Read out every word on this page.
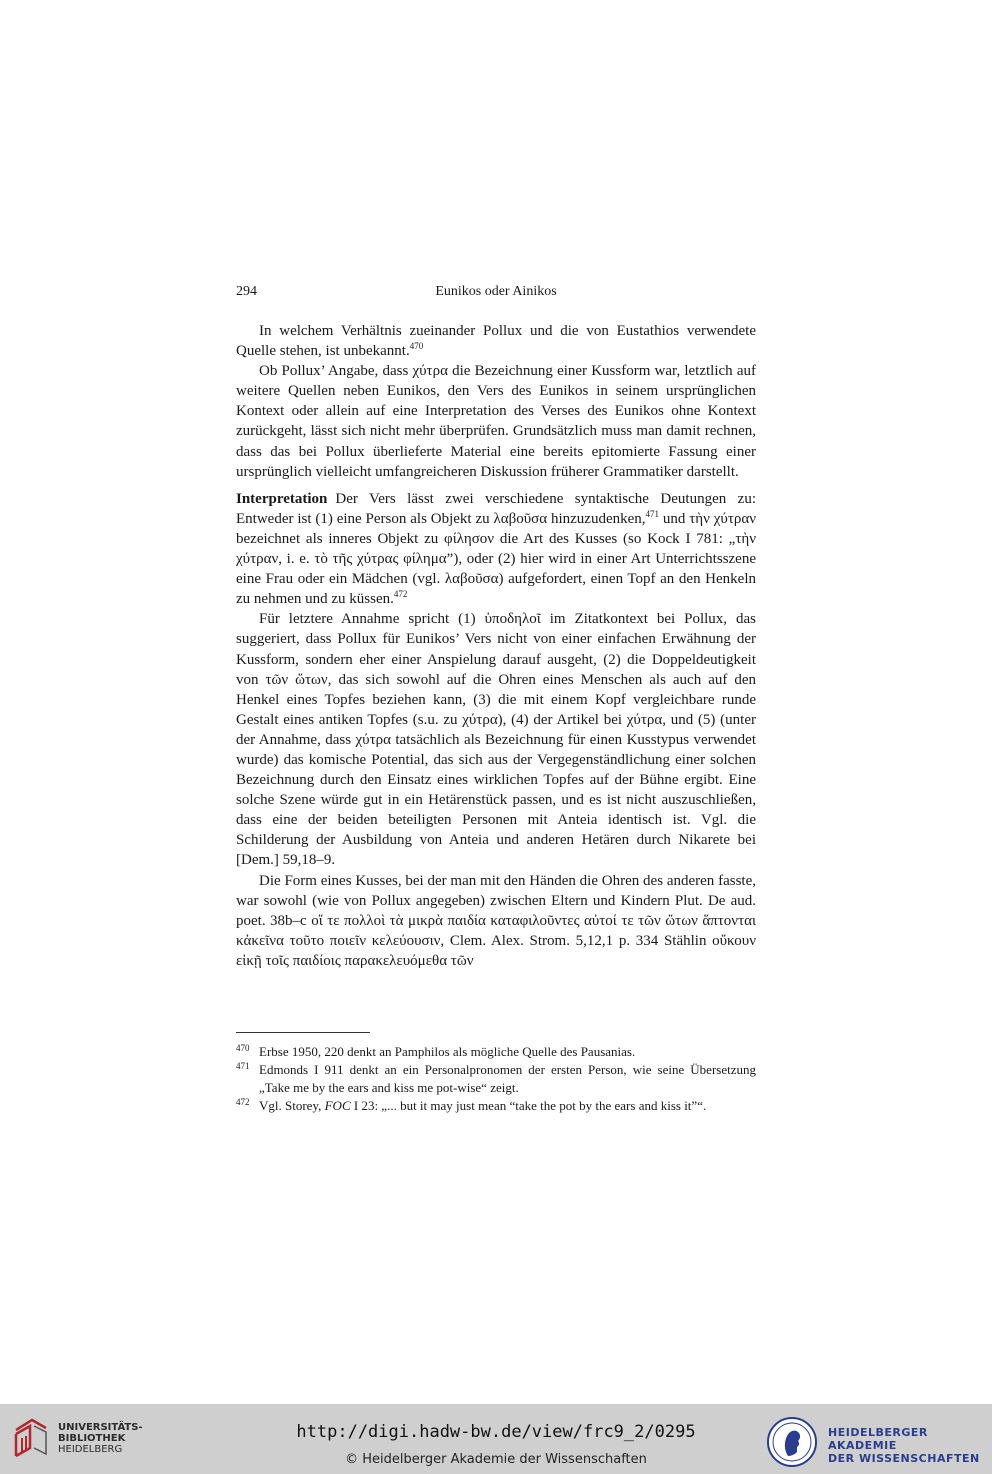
294	Eunikos oder Ainikos

In welchem Verhältnis zueinander Pollux und die von Eustathios verwendete Quelle stehen, ist unbekannt.$^{470}$

Ob Pollux’ Angabe, dass χύτρα die Bezeichnung einer Kussform war, letztlich auf weitere Quellen neben Eunikos, den Vers des Eunikos in seinem ursprünglichen Kontext oder allein auf eine Interpretation des Verses des Eunikos ohne Kontext zurückgeht, lässt sich nicht mehr überprüfen. Grundsätzlich muss man damit rechnen, dass das bei Pollux überlieferte Material eine bereits epitomierte Fassung einer ursprünglich vielleicht umfangreicheren Diskussion früherer Grammatiker darstellt.

Interpretation Der Vers lässt zwei verschiedene syntaktische Deutungen zu: Entweder ist (1) eine Person als Objekt zu λαβοῦσα hinzuzudenken,$^{471}$ und τὴν χύτραν bezeichnet als inneres Objekt zu φίλησον die Art des Kusses (so Kock I 781: „τὴν χύτραν, i. e. τὸ τῆς χύτρας φίλημα”), oder (2) hier wird in einer Art Unterrichtsszene eine Frau oder ein Mädchen (vgl. λαβοῦσα) aufgefordert, einen Topf an den Henkeln zu nehmen und zu küssen.$^{472}$

Für letztere Annahme spricht (1) ὑποδηλοῖ im Zitatkontext bei Pollux, das suggeriert, dass Pollux für Eunikos’ Vers nicht von einer einfachen Erwähnung der Kussform, sondern eher einer Anspielung darauf ausgeht, (2) die Doppeldeutigkeit von τῶν ὤτων, das sich sowohl auf die Ohren eines Menschen als auch auf den Henkel eines Topfes beziehen kann, (3) die mit einem Kopf vergleichbare runde Gestalt eines antiken Topfes (s.u. zu χύτρα), (4) der Artikel bei χύτρα, und (5) (unter der Annahme, dass χύτρα tatsächlich als Bezeichnung für einen Kusstypus verwendet wurde) das komische Potential, das sich aus der Vergegenständlichung einer solchen Bezeichnung durch den Einsatz eines wirklichen Topfes auf der Bühne ergibt. Eine solche Szene würde gut in ein Hetärenstück passen, und es ist nicht auszuschließen, dass eine der beiden beteiligten Personen mit Anteia identisch ist. Vgl. die Schilderung der Ausbildung von Anteia und anderen Hetären durch Nikarete bei [Dem.] 59,18–9.

Die Form eines Kusses, bei der man mit den Händen die Ohren des anderen fasste, war sowohl (wie von Pollux angegeben) zwischen Eltern und Kindern Plut. De aud. poet. 38b–c οἵ τε πολλοὶ τὰ μικρὰ παιδία καταφιλοῦντες αὐτοί τε τῶν ὤτων ἅπτονται κἀκεῖνα τοῦτο ποιεῖν κελεύουσιν, Clem. Alex. Strom. 5,12,1 p. 334 Stählin οὔκουν εἰκῇ τοῖς παιδίοις παρακελευόμεθα τῶν

470 Erbse 1950, 220 denkt an Pamphilos als mögliche Quelle des Pausanias.

471 Edmonds I 911 denkt an ein Personalpronomen der ersten Person, wie seine Übersetzung „Take me by the ears and kiss me pot-wise“ zeigt.

472 Vgl. Storey, FOC I 23: „... but it may just mean “take the pot by the ears and kiss it”“.

UNIVERSITÄTS-
BIBLIOTHEK
HEIDELBERG
http://digi.hadw-bw.de/view/frc9_2/0295
© Heidelberger Akademie der Wissenschaften
HEIDELBERGER AKADEMIE
DER WISSENSCHAFTEN
